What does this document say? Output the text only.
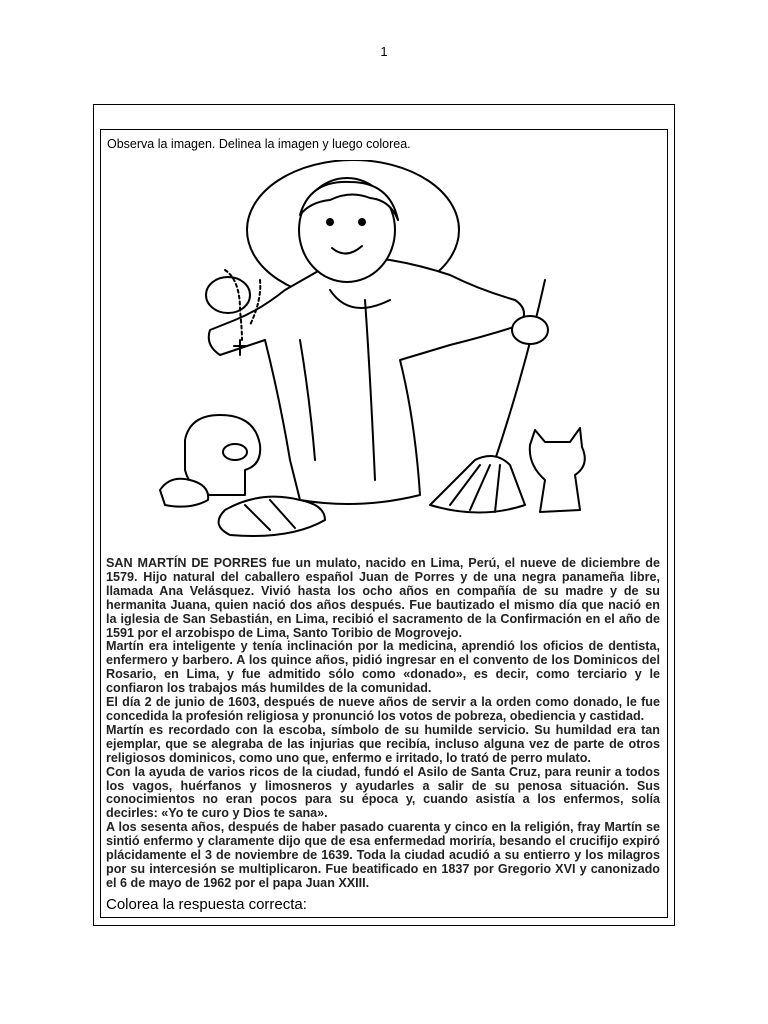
1
Observa la imagen. Delinea la imagen y luego colorea.

SAN MARTÍN DE PORRES fue un mulato, nacido en Lima, Perú, el nueve de diciembre de 1579. Hijo natural del caballero español Juan de Porres y de una negra panameña libre, llamada Ana Velásquez. Vivió hasta los ocho años en compañía de su madre y de su hermanita Juana, quien nació dos años después. Fue bautizado el mismo día que nació en la iglesia de San Sebastián, en Lima, recibió el sacramento de la Confirmación en el año de 1591 por el arzobispo de Lima, Santo Toribio de Mogrovejo.

Martín era inteligente y tenía inclinación por la medicina, aprendió los oficios de dentista, enfermero y barbero. A los quince años, pidió ingresar en el convento de los Dominicos del Rosario, en Lima, y fue admitido sólo como «donado», es decir, como terciario y le confiaron los trabajos más humildes de la comunidad.

El día 2 de junio de 1603, después de nueve años de servir a la orden como donado, le fue concedida la profesión religiosa y pronunció los votos de pobreza, obediencia y castidad.

Martín es recordado con la escoba, símbolo de su humilde servicio. Su humildad era tan ejemplar, que se alegraba de las injurias que recibía, incluso alguna vez de parte de otros religiosos dominicos, como uno que, enfermo e irritado, lo trató de perro mulato.

Con la ayuda de varios ricos de la ciudad, fundó el Asilo de Santa Cruz, para reunir a todos los vagos, huérfanos y limosneros y ayudarles a salir de su penosa situación. Sus conocimientos no eran pocos para su época y, cuando asistía a los enfermos, solía decirles: «Yo te curo y Dios te sana».

A los sesenta años, después de haber pasado cuarenta y cinco en la religión, fray Martín se sintió enfermo y claramente dijo que de esa enfermedad moriría, besando el crucifijo expiró plácidamente el 3 de noviembre de 1639. Toda la ciudad acudió a su entierro y los milagros por su intercesión se multiplicaron. Fue beatificado en 1837 por Gregorio XVI y canonizado el 6 de mayo de 1962 por el papa Juan XXIII.

Colorea la respuesta correcta:
